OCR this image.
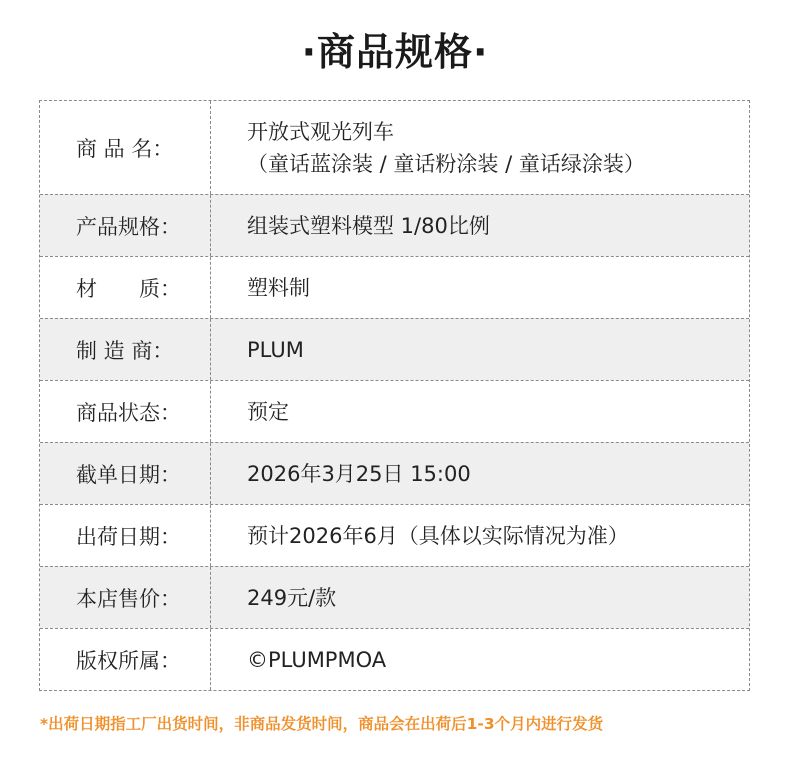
·商品规格·
商 品 名：
开放式观光列车
（童话蓝涂装 / 童话粉涂装 / 童话绿涂装）
产品规格：	组装式塑料模型 1/80比例
材　　质：	塑料制
制 造 商：	PLUM
商品状态：	预定
截单日期：	2026年3月25日 15:00
出荷日期：	预计2026年6月（具体以实际情况为准）
本店售价：	249元/款
版权所属：	©PLUMPMOA
*出荷日期指工厂出货时间，非商品发货时间，商品会在出荷后1-3个月内进行发货
